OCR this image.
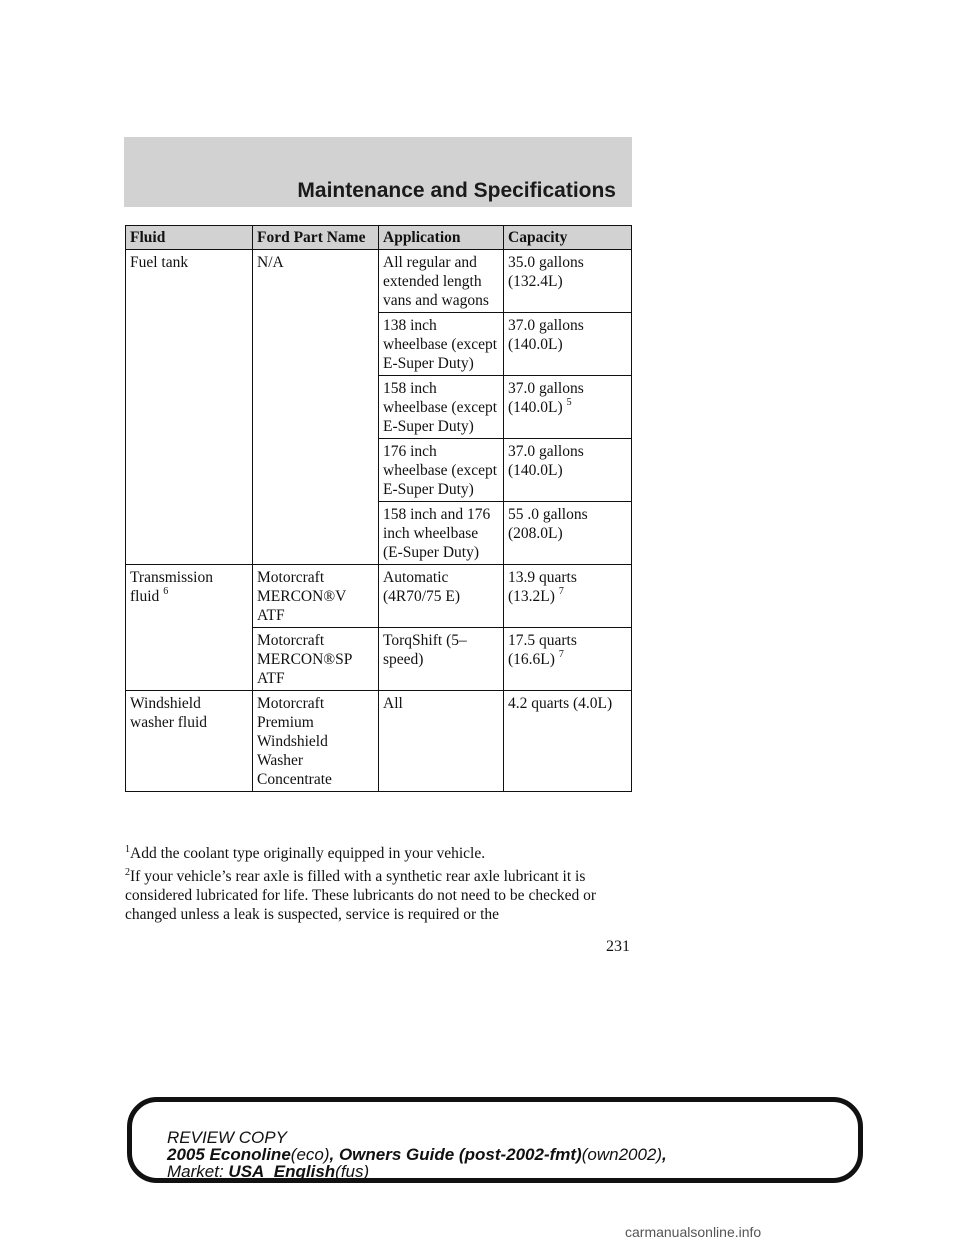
Maintenance and Specifications
Fluid	Ford Part Name	Application	Capacity
Fuel tank	N/A	All regular and extended length vans and wagons	35.0 gallons (132.4L)
		138 inch wheelbase (except E-Super Duty)	37.0 gallons (140.0L)
		158 inch wheelbase (except E-Super Duty)	37.0 gallons (140.0L) $^5$
		176 inch wheelbase (except E-Super Duty)	37.0 gallons (140.0L)
		158 inch and 176 inch wheelbase (E-Super Duty)	55 .0 gallons (208.0L)
Transmission fluid $^6$	Motorcraft MERCON®V ATF	Automatic (4R70/75 E)	13.9 quarts (13.2L) $^7$
	Motorcraft MERCON®SP ATF	TorqShift (5–speed)	17.5 quarts (16.6L) $^7$
Windshield washer fluid	Motorcraft Premium Windshield Washer Concentrate	All	4.2 quarts (4.0L)

$^1$Add the coolant type originally equipped in your vehicle.

$^2$If your vehicle’s rear axle is filled with a synthetic rear axle lubricant it is considered lubricated for life. These lubricants do not need to be checked or changed unless a leak is suspected, service is required or the

231
REVIEW COPY
2005 Econoline(eco), Owners Guide (post-2002-fmt)(own2002),
Market: USA_English(fus)
carmanualsonline.info
